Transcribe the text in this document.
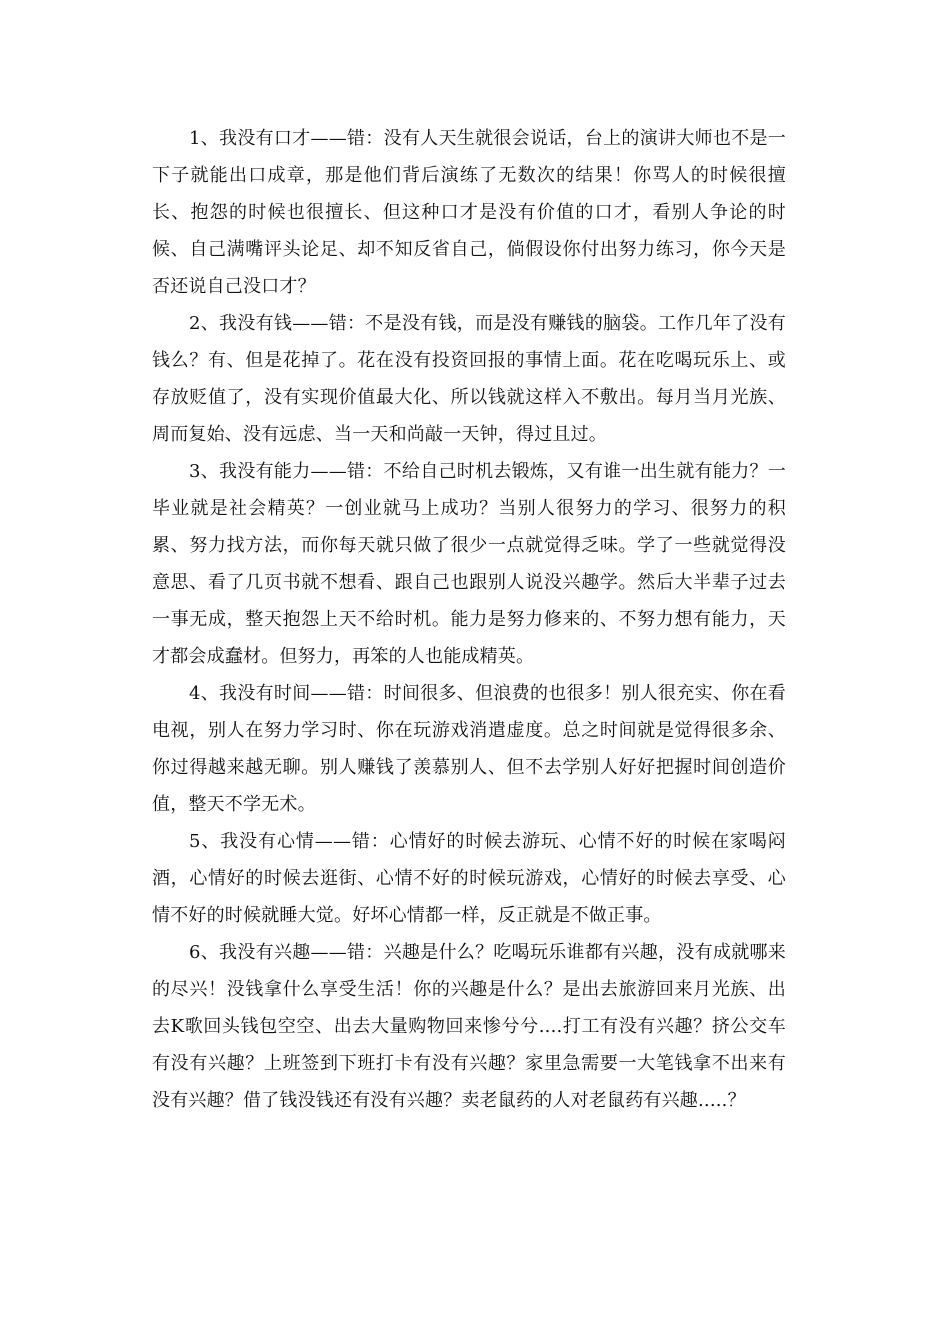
1、我没有口才——错：没有人天生就很会说话，台上的演讲大师也不是一下子就能出口成章，那是他们背后演练了无数次的结果！你骂人的时候很擅长、抱怨的时候也很擅长、但这种口才是没有价值的口才，看别人争论的时候、自己满嘴评头论足、却不知反省自己，倘假设你付出努力练习，你今天是否还说自己没口才？

2、我没有钱——错：不是没有钱，而是没有赚钱的脑袋。工作几年了没有钱么？有、但是花掉了。花在没有投资回报的事情上面。花在吃喝玩乐上、或存放贬值了，没有实现价值最大化、所以钱就这样入不敷出。每月当月光族、周而复始、没有远虑、当一天和尚敲一天钟，得过且过。

3、我没有能力——错：不给自己时机去锻炼，又有谁一出生就有能力？一毕业就是社会精英？一创业就马上成功？当别人很努力的学习、很努力的积累、努力找方法，而你每天就只做了很少一点就觉得乏味。学了一些就觉得没意思、看了几页书就不想看、跟自己也跟别人说没兴趣学。然后大半辈子过去一事无成，整天抱怨上天不给时机。能力是努力修来的、不努力想有能力，天才都会成蠢材。但努力，再笨的人也能成精英。

4、我没有时间——错：时间很多、但浪费的也很多！别人很充实、你在看电视，别人在努力学习时、你在玩游戏消遣虚度。总之时间就是觉得很多余、你过得越来越无聊。别人赚钱了羡慕别人、但不去学别人好好把握时间创造价值，整天不学无术。

5、我没有心情——错：心情好的时候去游玩、心情不好的时候在家喝闷酒，心情好的时候去逛街、心情不好的时候玩游戏，心情好的时候去享受、心情不好的时候就睡大觉。好坏心情都一样，反正就是不做正事。

6、我没有兴趣——错：兴趣是什么？吃喝玩乐谁都有兴趣，没有成就哪来的尽兴！没钱拿什么享受生活！你的兴趣是什么？是出去旅游回来月光族、出去K歌回头钱包空空、出去大量购物回来惨兮兮....打工有没有兴趣？挤公交车有没有兴趣？上班签到下班打卡有没有兴趣？家里急需要一大笔钱拿不出来有没有兴趣？借了钱没钱还有没有兴趣？卖老鼠药的人对老鼠药有兴趣.....？
